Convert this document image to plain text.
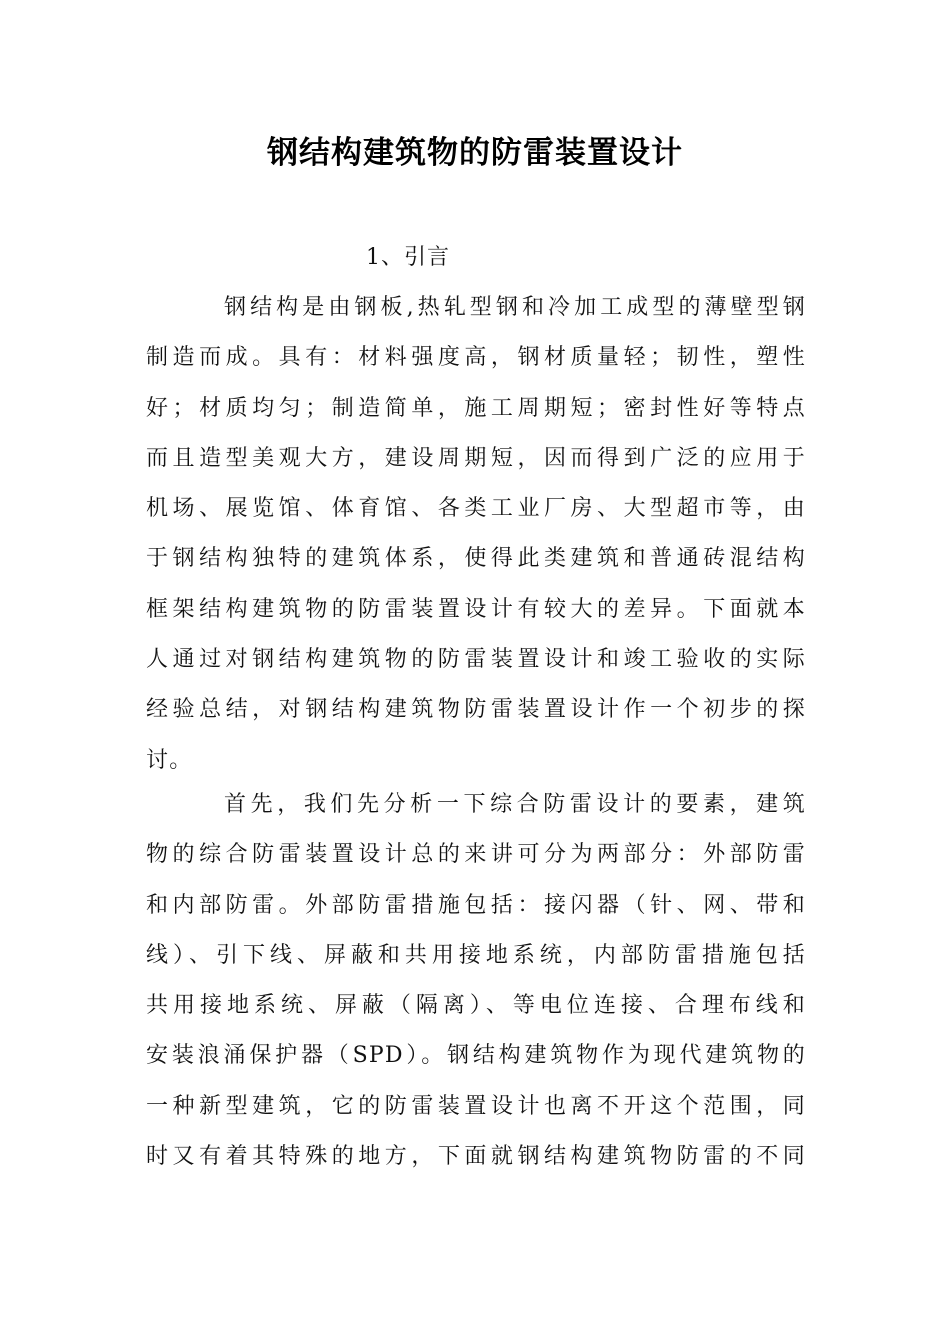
钢结构建筑物的防雷装置设计
1、引言
钢结构是由钢板,热轧型钢和冷加工成型的薄壁型钢
制造而成。具有：材料强度高，钢材质量轻；韧性，塑性
好；材质均匀；制造简单，施工周期短；密封性好等特点
而且造型美观大方，建设周期短，因而得到广泛的应用于
机场、展览馆、体育馆、各类工业厂房、大型超市等，由
于钢结构独特的建筑体系，使得此类建筑和普通砖混结构
框架结构建筑物的防雷装置设计有较大的差异。下面就本
人通过对钢结构建筑物的防雷装置设计和竣工验收的实际
经验总结，对钢结构建筑物防雷装置设计作一个初步的探
讨。
首先，我们先分析一下综合防雷设计的要素，建筑
物的综合防雷装置设计总的来讲可分为两部分：外部防雷
和内部防雷。外部防雷措施包括：接闪器（针、网、带和
线）、引下线、屏蔽和共用接地系统，内部防雷措施包括
共用接地系统、屏蔽（隔离）、等电位连接、合理布线和
安装浪涌保护器（SPD）。钢结构建筑物作为现代建筑物的
一种新型建筑，它的防雷装置设计也离不开这个范围，同
时又有着其特殊的地方，下面就钢结构建筑物防雷的不同
